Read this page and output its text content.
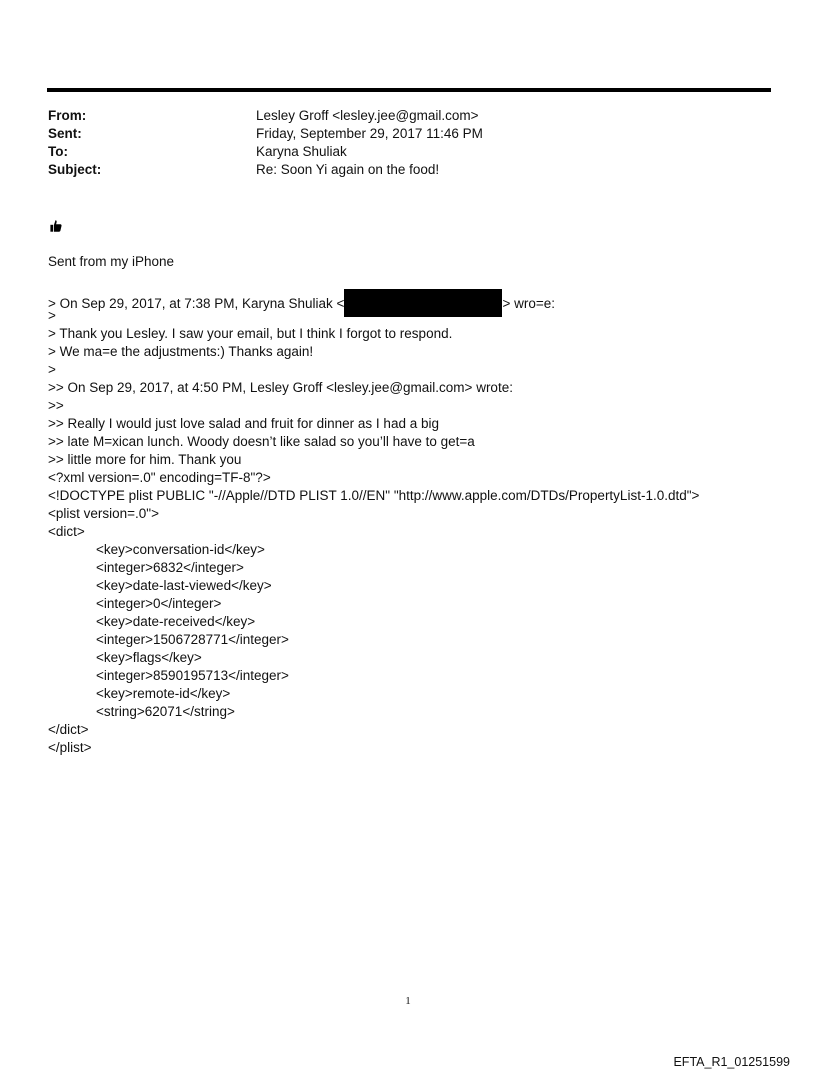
From:	Lesley Groff <lesley.jee@gmail.com>
Sent:	Friday, September 29, 2017 11:46 PM
To:	Karyna Shuliak
Subject:	Re: Soon Yi again on the food!
Sent from my iPhone
> On Sep 29, 2017, at 7:38 PM, Karyna Shuliak <	> wro=e:
>
> Thank you Lesley. I saw your email, but I think I forgot to respond.
> We ma=e the adjustments:) Thanks again!
>
>> On Sep 29, 2017, at 4:50 PM, Lesley Groff <lesley.jee@gmail.com> wrote:
>>
>> Really I would just love salad and fruit for dinner as I had a big
>> late M=xican lunch. Woody doesn’t like salad so you’ll have to get=a
>> little more for him. Thank you
<?xml version=.0" encoding=TF-8"?>
<!DOCTYPE plist PUBLIC "-//Apple//DTD PLIST 1.0//EN" "http://www.apple.com/DTDs/PropertyList-1.0.dtd">
<plist version=.0">
<dict>
<key>conversation-id</key>
<integer>6832</integer>
<key>date-last-viewed</key>
<integer>0</integer>
<key>date-received</key>
<integer>1506728771</integer>
<key>flags</key>
<integer>8590195713</integer>
<key>remote-id</key>
<string>62071</string>
</dict>
</plist>
1
EFTA_R1_01251599
